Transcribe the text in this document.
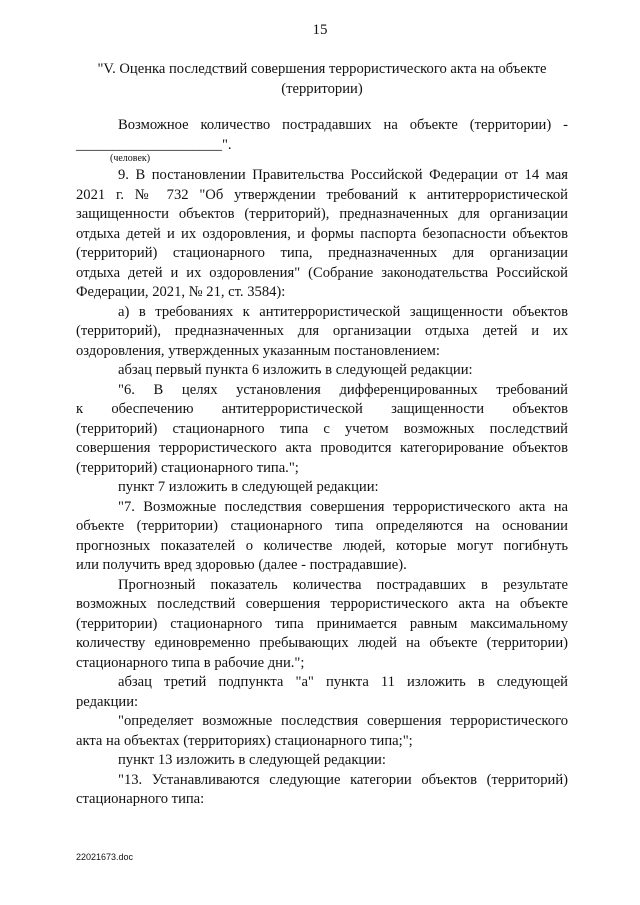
15
"V. Оценка последствий совершения террористического акта на объекте
(территории)
Возможное количество пострадавших на объекте (территории) -
____________________".
(человек)
9. В постановлении Правительства Российской Федерации от 14 мая
2021 г. № 732 "Об утверждении требований к антитеррористической
защищенности объектов (территорий), предназначенных для организации
отдыха детей и их оздоровления, и формы паспорта безопасности объектов
(территорий) стационарного типа, предназначенных для организации
отдыха детей и их оздоровления" (Собрание законодательства Российской
Федерации, 2021, № 21, ст. 3584):
а) в требованиях к антитеррористической защищенности объектов
(территорий), предназначенных для организации отдыха детей и их
оздоровления, утвержденных указанным постановлением:
абзац первый пункта 6 изложить в следующей редакции:
"6. В целях установления дифференцированных требований
к обеспечению антитеррористической защищенности объектов
(территорий) стационарного типа с учетом возможных последствий
совершения террористического акта проводится категорирование объектов
(территорий) стационарного типа.";
пункт 7 изложить в следующей редакции:
"7. Возможные последствия совершения террористического акта на
объекте (территории) стационарного типа определяются на основании
прогнозных показателей о количестве людей, которые могут погибнуть
или получить вред здоровью (далее - пострадавшие).
Прогнозный показатель количества пострадавших в результате
возможных последствий совершения террористического акта на объекте
(территории) стационарного типа принимается равным максимальному
количеству единовременно пребывающих людей на объекте (территории)
стационарного типа в рабочие дни.";
абзац третий подпункта "а" пункта 11 изложить в следующей
редакции:
"определяет возможные последствия совершения террористического
акта на объектах (территориях) стационарного типа;";
пункт 13 изложить в следующей редакции:
"13. Устанавливаются следующие категории объектов (территорий)
стационарного типа:
22021673.doc
